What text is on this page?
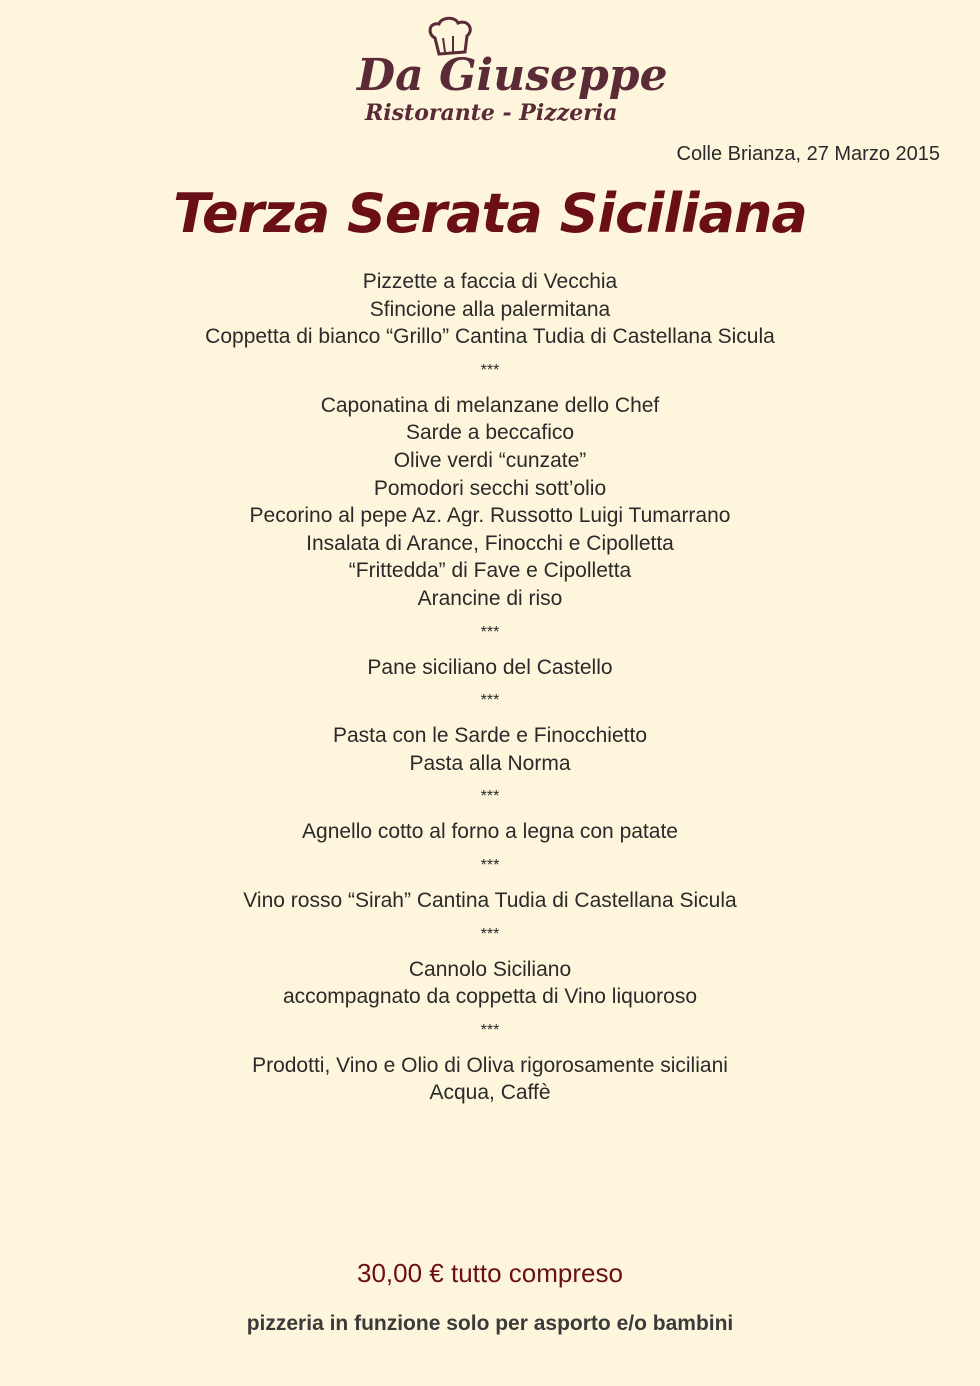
Da Giuseppe
Ristorante - Pizzeria
Colle Brianza, 27 Marzo 2015
Terza Serata Siciliana
Pizzette a faccia di Vecchia
Sfincione alla palermitana
Coppetta di bianco “Grillo” Cantina Tudia di Castellana Sicula
***
Caponatina di melanzane dello Chef
Sarde a beccafico
Olive verdi “cunzate”
Pomodori secchi sott’olio
Pecorino al pepe Az. Agr. Russotto Luigi Tumarrano
Insalata di Arance, Finocchi e Cipolletta
“Frittedda” di Fave e Cipolletta
Arancine di riso
***
Pane siciliano del Castello
***
Pasta con le Sarde e Finocchietto
Pasta alla Norma
***
Agnello cotto al forno a legna con patate
***
Vino rosso “Sirah” Cantina Tudia di Castellana Sicula
***
Cannolo Siciliano
accompagnato da coppetta di Vino liquoroso
***
Prodotti, Vino e Olio di Oliva rigorosamente siciliani
Acqua, Caffè
30,00 € tutto compreso
pizzeria in funzione solo per asporto e/o bambini
